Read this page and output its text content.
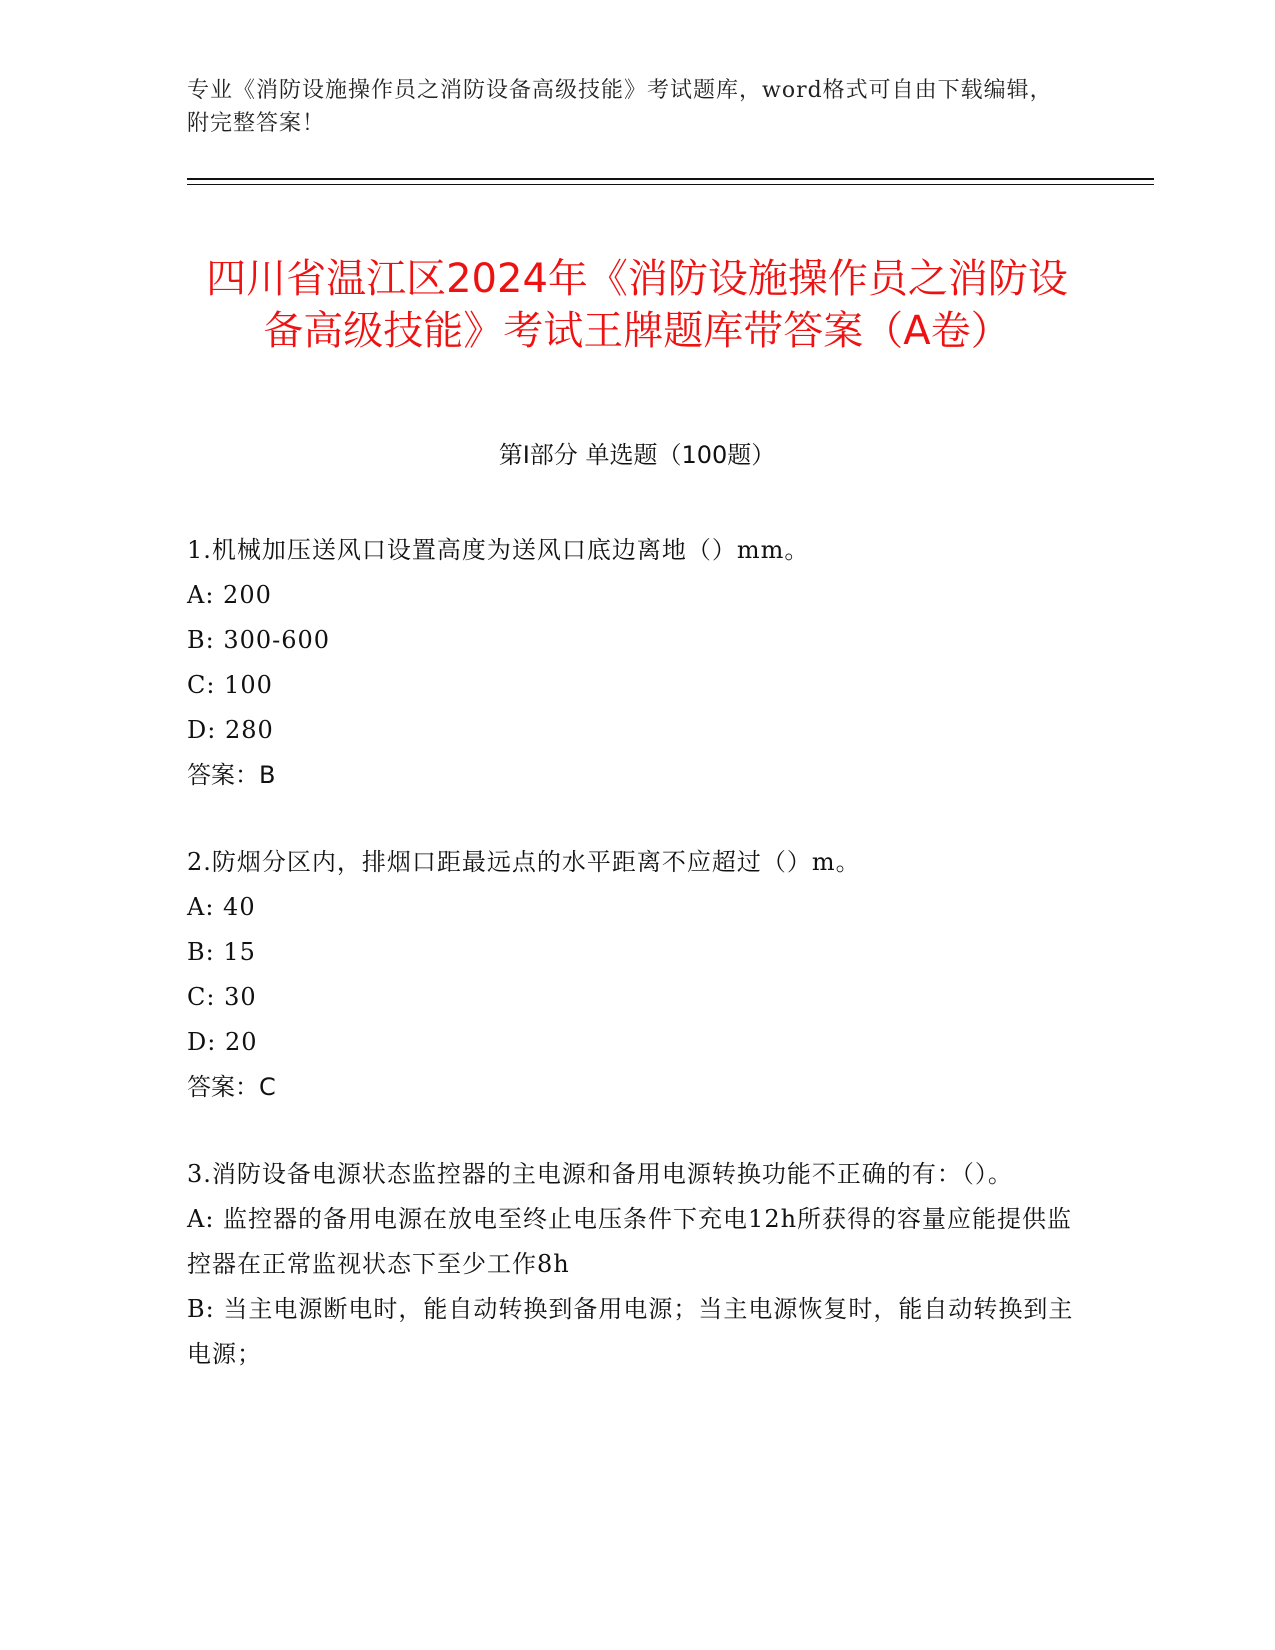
专业《消防设施操作员之消防设备高级技能》考试题库，word格式可自由下载编辑，附完整答案！
四川省温江区2024年《消防设施操作员之消防设备高级技能》考试王牌题库带答案（A卷）
第I部分 单选题（100题）
1.机械加压送风口设置高度为送风口底边离地（）mm。
A: 200
B: 300-600
C: 100
D: 280
答案：B
2.防烟分区内，排烟口距最远点的水平距离不应超过（）m。
A: 40
B: 15
C: 30
D: 20
答案：C
3.消防设备电源状态监控器的主电源和备用电源转换功能不正确的有：（）。
A: 监控器的备用电源在放电至终止电压条件下充电12h所获得的容量应能提供监控器在正常监视状态下至少工作8h
B: 当主电源断电时，能自动转换到备用电源；当主电源恢复时，能自动转换到主电源；
